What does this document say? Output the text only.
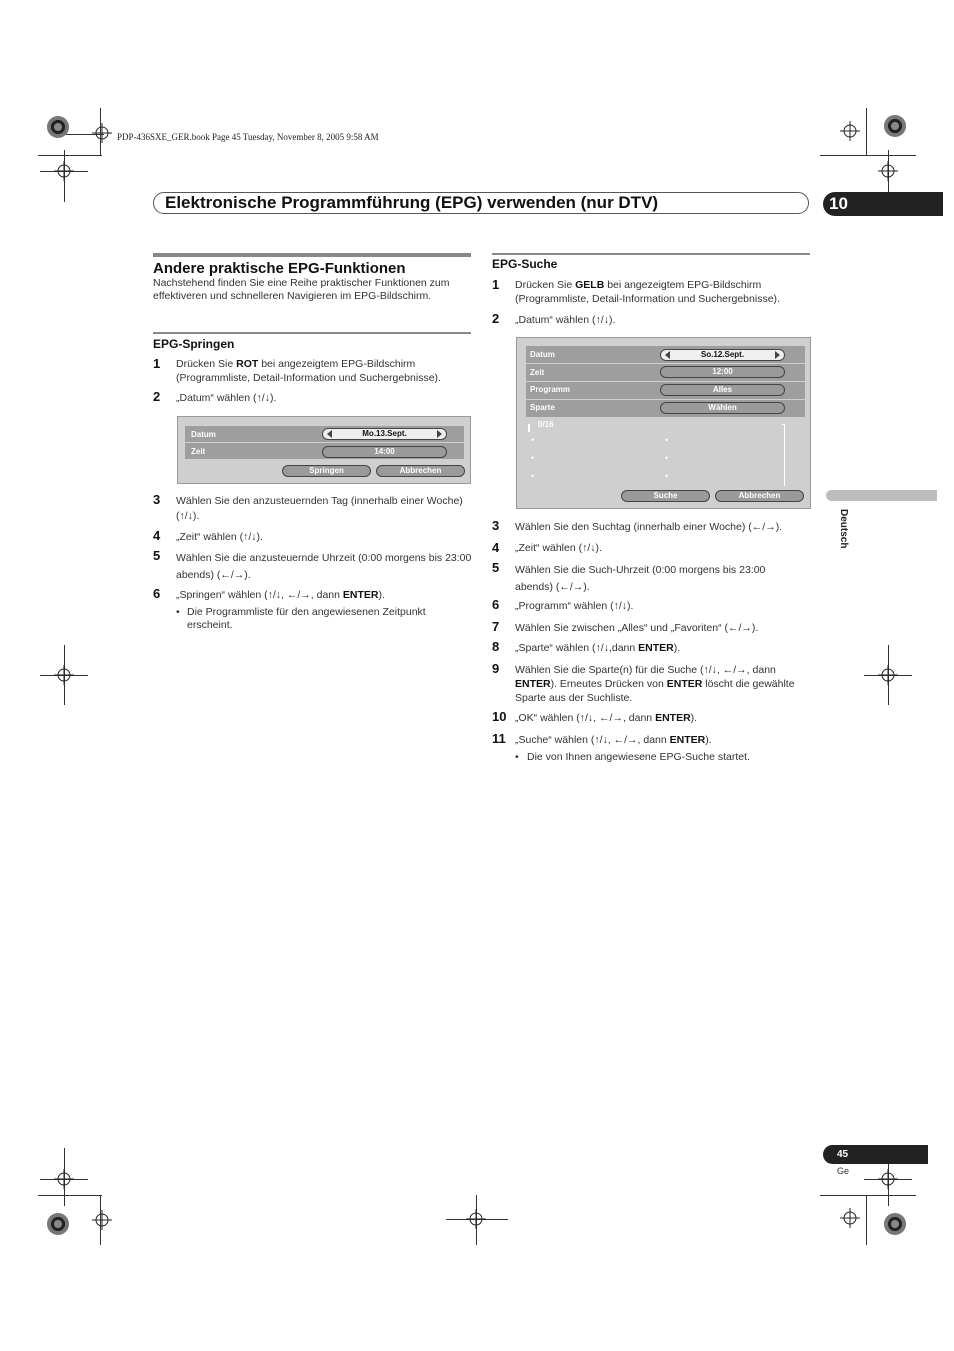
PDP-436SXE_GER.book Page 45 Tuesday, November 8, 2005 9:58 AM
Elektronische Programmführung (EPG) verwenden (nur DTV)	10
Deutsch
Andere praktische EPG-Funktionen
Nachstehend finden Sie eine Reihe praktischer Funktionen zum effektiveren und schnelleren Navigieren im EPG-Bildschirm.
EPG-Springen
1 Drücken Sie ROT bei angezeigtem EPG-Bildschirm (Programmliste, Detail-Information und Suchergebnisse).
2 „Datum“ wählen (↑/↓).
Datum	Mo.13.Sept.
Zeit	14:00
Springen	Abbrechen
3 Wählen Sie den anzusteuernden Tag (innerhalb einer Woche) (↑/↓).
4 „Zeit“ wählen (↑/↓).
5 Wählen Sie die anzusteuernde Uhrzeit (0:00 morgens bis 23:00 abends) (←/→).
6 „Springen“ wählen (↑/↓, ←/→, dann ENTER).
• Die Programmliste für den angewiesenen Zeitpunkt erscheint.
EPG-Suche
1 Drücken Sie GELB bei angezeigtem EPG-Bildschirm (Programmliste, Detail-Information und Suchergebnisse).
2 „Datum“ wählen (↑/↓).
Datum	So.12.Sept.
Zeit	12:00
Programm	Alles
Sparte	Wählen
0/16
•
•
•
•
•
•
Suche	Abbrechen
3 Wählen Sie den Suchtag (innerhalb einer Woche) (←/→).
4 „Zeit“ wählen (↑/↓).
5 Wählen Sie die Such-Uhrzeit (0:00 morgens bis 23:00 abends) (←/→).
6 „Programm“ wählen (↑/↓).
7 Wählen Sie zwischen „Alles“ und „Favoriten“ (←/→).
8 „Sparte“ wählen (↑/↓,dann ENTER).
9 Wählen Sie die Sparte(n) für die Suche (↑/↓, ←/→, dann ENTER). Erneutes Drücken von ENTER löscht die gewählte Sparte aus der Suchliste.
10 „OK“ wählen (↑/↓, ←/→, dann ENTER).
11 „Suche“ wählen (↑/↓, ←/→, dann ENTER).
• Die von Ihnen angewiesene EPG-Suche startet.
45
Ge
